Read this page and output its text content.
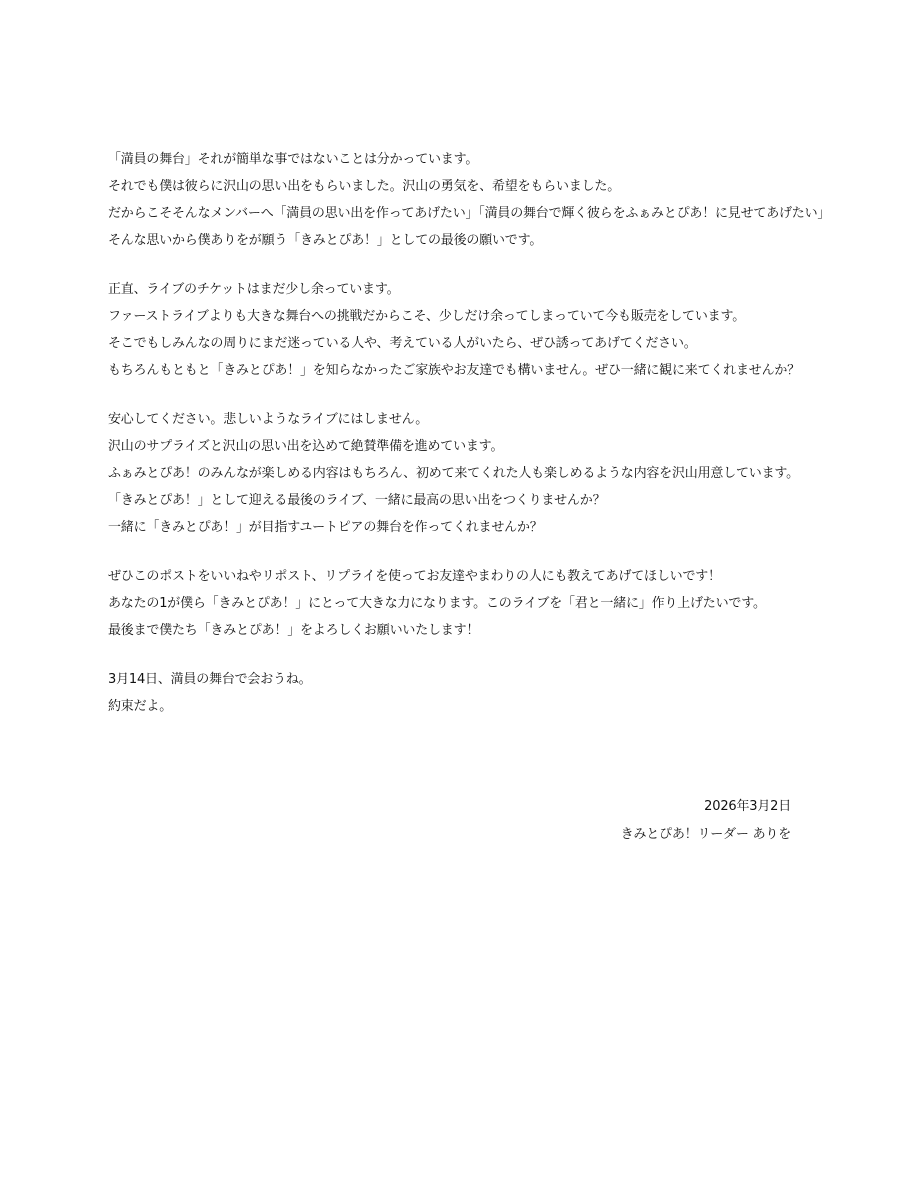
「満員の舞台」それが簡単な事ではないことは分かっています。
それでも僕は彼らに沢山の思い出をもらいました。沢山の勇気を、希望をもらいました。
だからこそそんなメンバーへ「満員の思い出を作ってあげたい」「満員の舞台で輝く彼らをふぁみとぴあ！に見せてあげたい」
そんな思いから僕ありをが願う「きみとぴあ！」としての最後の願いです。
正直、ライブのチケットはまだ少し余っています。
ファーストライブよりも大きな舞台への挑戦だからこそ、少しだけ余ってしまっていて今も販売をしています。
そこでもしみんなの周りにまだ迷っている人や、考えている人がいたら、ぜひ誘ってあげてください。
もちろんもともと「きみとぴあ！」を知らなかったご家族やお友達でも構いません。ぜひ一緒に観に来てくれませんか？
安心してください。悲しいようなライブにはしません。
沢山のサプライズと沢山の思い出を込めて絶賛準備を進めています。
ふぁみとぴあ！のみんなが楽しめる内容はもちろん、初めて来てくれた人も楽しめるような内容を沢山用意しています。
「きみとぴあ！」として迎える最後のライブ、一緒に最高の思い出をつくりませんか？
一緒に「きみとぴあ！」が目指すユートピアの舞台を作ってくれませんか？
ぜひこのポストをいいねやリポスト、リプライを使ってお友達やまわりの人にも教えてあげてほしいです！
あなたの1が僕ら「きみとぴあ！」にとって大きな力になります。このライブを「君と一緒に」作り上げたいです。
最後まで僕たち「きみとぴあ！」をよろしくお願いいたします！
3月14日、満員の舞台で会おうね。
約束だよ。
2026年3月2日
きみとぴあ！リーダー ありを
